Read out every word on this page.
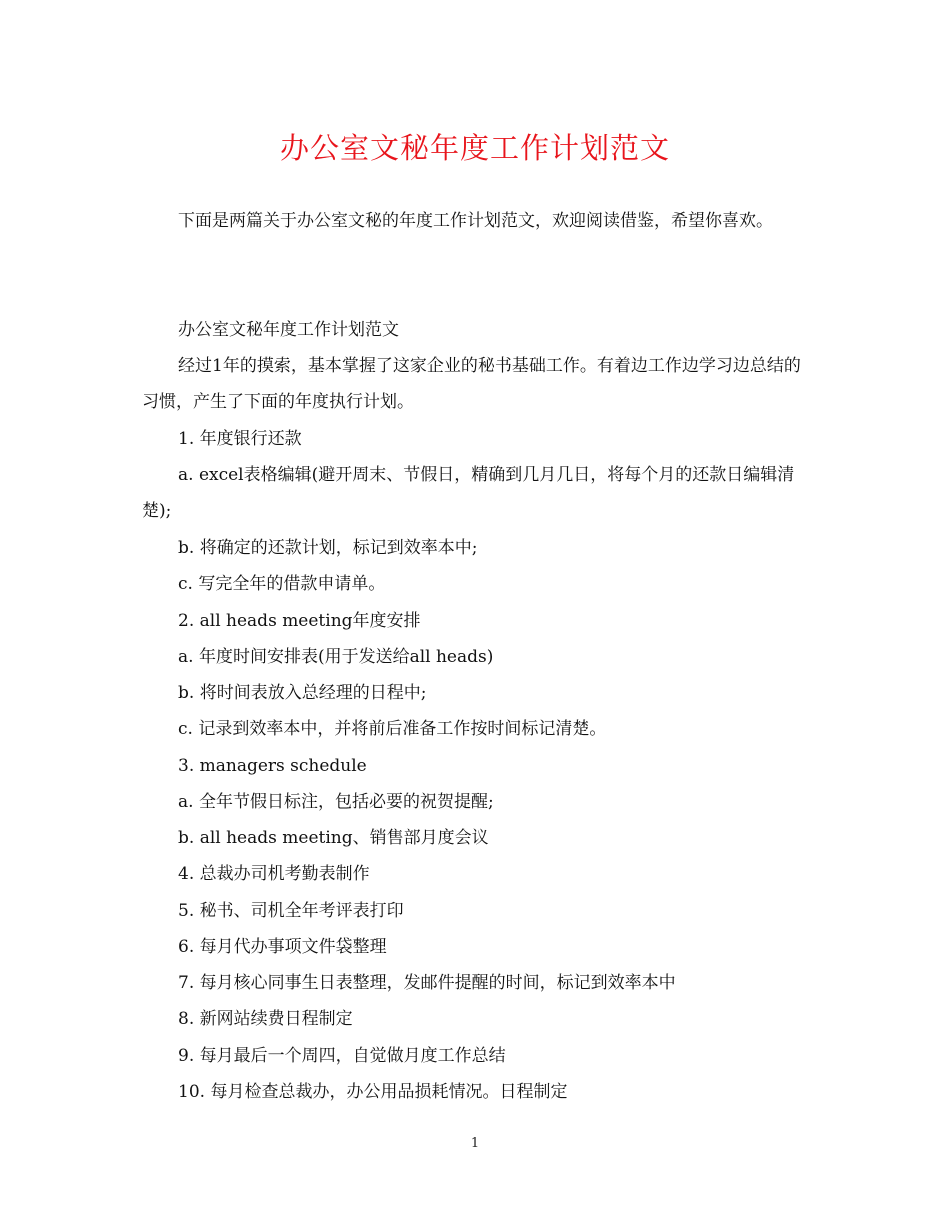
办公室文秘年度工作计划范文

下面是两篇关于办公室文秘的年度工作计划范文，欢迎阅读借鉴，希望你喜欢。

办公室文秘年度工作计划范文

经过1年的摸索，基本掌握了这家企业的秘书基础工作。有着边工作边学习边总结的习惯，产生了下面的年度执行计划。

1. 年度银行还款

a. excel表格编辑(避开周末、节假日，精确到几月几日，将每个月的还款日编辑清楚);

b. 将确定的还款计划，标记到效率本中;
c. 写完全年的借款申请单。
2. all heads meeting年度安排
a. 年度时间安排表(用于发送给all heads)
b. 将时间表放入总经理的日程中;
c. 记录到效率本中，并将前后准备工作按时间标记清楚。
3. managers schedule
a. 全年节假日标注，包括必要的祝贺提醒;
b. all heads meeting、销售部月度会议
4. 总裁办司机考勤表制作
5. 秘书、司机全年考评表打印
6. 每月代办事项文件袋整理
7. 每月核心同事生日表整理，发邮件提醒的时间，标记到效率本中
8. 新网站续费日程制定
9. 每月最后一个周四，自觉做月度工作总结
10. 每月检查总裁办，办公用品损耗情况。日程制定
1
